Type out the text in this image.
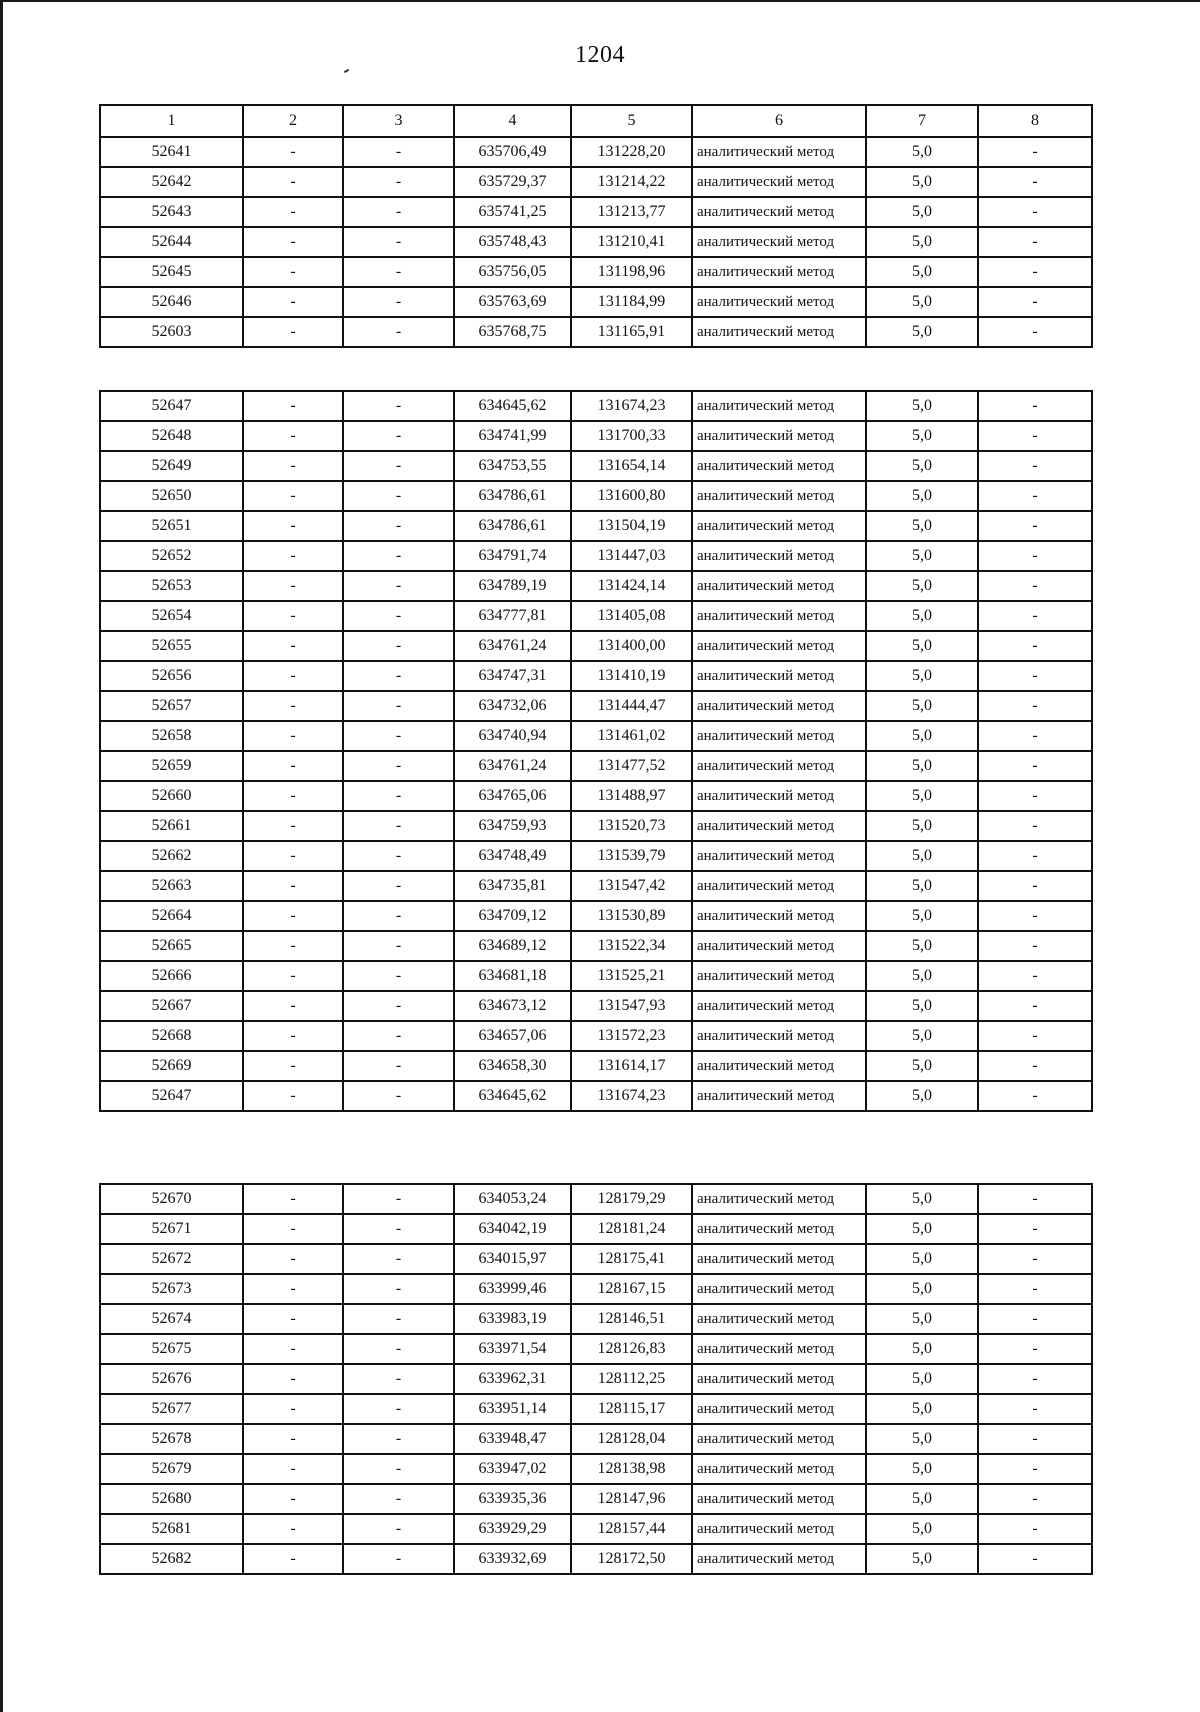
1204
1	2	3	4	5	6	7	8
52641	-	-	635706,49	131228,20	аналитический метод	5,0	-
52642	-	-	635729,37	131214,22	аналитический метод	5,0	-
52643	-	-	635741,25	131213,77	аналитический метод	5,0	-
52644	-	-	635748,43	131210,41	аналитический метод	5,0	-
52645	-	-	635756,05	131198,96	аналитический метод	5,0	-
52646	-	-	635763,69	131184,99	аналитический метод	5,0	-
52603	-	-	635768,75	131165,91	аналитический метод	5,0	-
52647	-	-	634645,62	131674,23	аналитический метод	5,0	-
52648	-	-	634741,99	131700,33	аналитический метод	5,0	-
52649	-	-	634753,55	131654,14	аналитический метод	5,0	-
52650	-	-	634786,61	131600,80	аналитический метод	5,0	-
52651	-	-	634786,61	131504,19	аналитический метод	5,0	-
52652	-	-	634791,74	131447,03	аналитический метод	5,0	-
52653	-	-	634789,19	131424,14	аналитический метод	5,0	-
52654	-	-	634777,81	131405,08	аналитический метод	5,0	-
52655	-	-	634761,24	131400,00	аналитический метод	5,0	-
52656	-	-	634747,31	131410,19	аналитический метод	5,0	-
52657	-	-	634732,06	131444,47	аналитический метод	5,0	-
52658	-	-	634740,94	131461,02	аналитический метод	5,0	-
52659	-	-	634761,24	131477,52	аналитический метод	5,0	-
52660	-	-	634765,06	131488,97	аналитический метод	5,0	-
52661	-	-	634759,93	131520,73	аналитический метод	5,0	-
52662	-	-	634748,49	131539,79	аналитический метод	5,0	-
52663	-	-	634735,81	131547,42	аналитический метод	5,0	-
52664	-	-	634709,12	131530,89	аналитический метод	5,0	-
52665	-	-	634689,12	131522,34	аналитический метод	5,0	-
52666	-	-	634681,18	131525,21	аналитический метод	5,0	-
52667	-	-	634673,12	131547,93	аналитический метод	5,0	-
52668	-	-	634657,06	131572,23	аналитический метод	5,0	-
52669	-	-	634658,30	131614,17	аналитический метод	5,0	-
52647	-	-	634645,62	131674,23	аналитический метод	5,0	-
52670	-	-	634053,24	128179,29	аналитический метод	5,0	-
52671	-	-	634042,19	128181,24	аналитический метод	5,0	-
52672	-	-	634015,97	128175,41	аналитический метод	5,0	-
52673	-	-	633999,46	128167,15	аналитический метод	5,0	-
52674	-	-	633983,19	128146,51	аналитический метод	5,0	-
52675	-	-	633971,54	128126,83	аналитический метод	5,0	-
52676	-	-	633962,31	128112,25	аналитический метод	5,0	-
52677	-	-	633951,14	128115,17	аналитический метод	5,0	-
52678	-	-	633948,47	128128,04	аналитический метод	5,0	-
52679	-	-	633947,02	128138,98	аналитический метод	5,0	-
52680	-	-	633935,36	128147,96	аналитический метод	5,0	-
52681	-	-	633929,29	128157,44	аналитический метод	5,0	-
52682	-	-	633932,69	128172,50	аналитический метод	5,0	-
